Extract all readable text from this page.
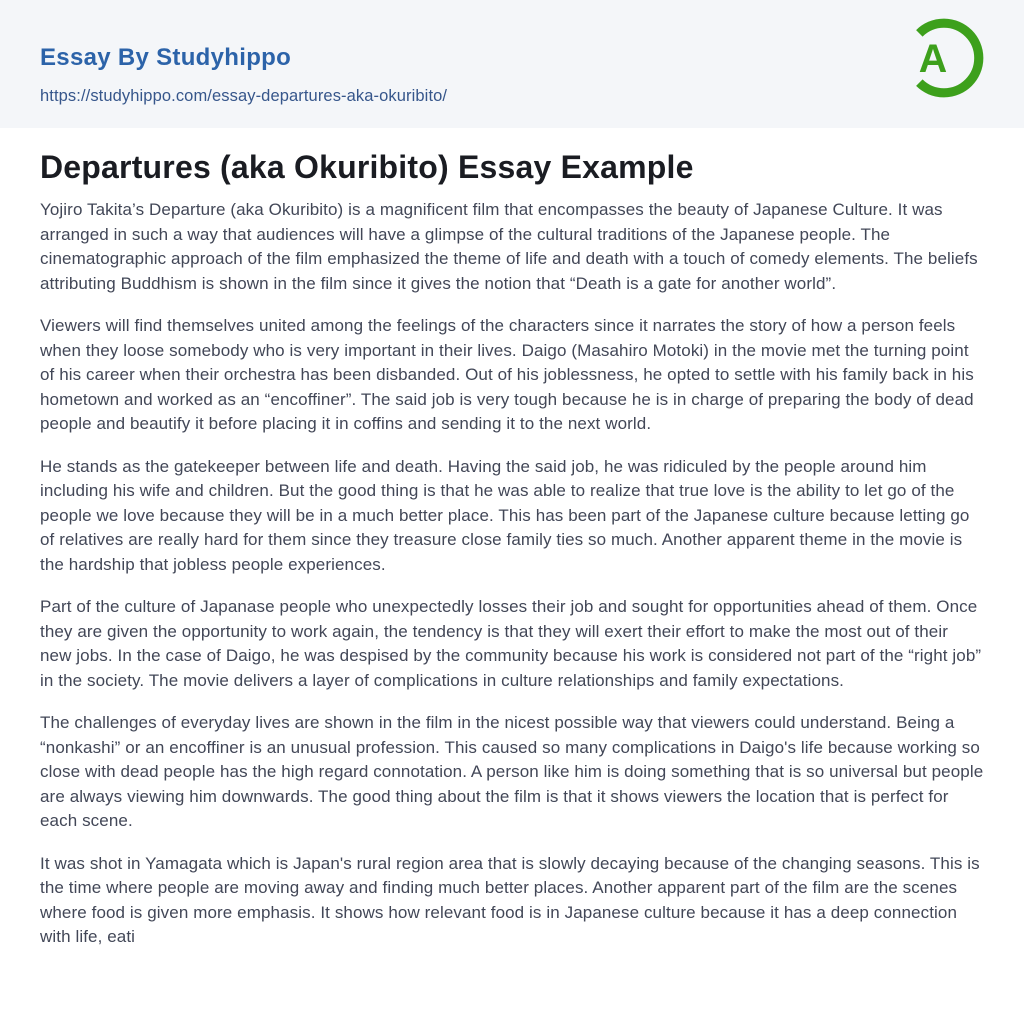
Essay By Studyhippo
https://studyhippo.com/essay-departures-aka-okuribito/
A
Departures (aka Okuribito) Essay Example

Yojiro Takita’s Departure (aka Okuribito) is a magnificent film that encompasses the beauty of Japanese Culture. It was arranged in such a way that audiences will have a glimpse of the cultural traditions of the Japanese people. The cinematographic approach of the film emphasized the theme of life and death with a touch of comedy elements. The beliefs attributing Buddhism is shown in the film since it gives the notion that “Death is a gate for another world”.

Viewers will find themselves united among the feelings of the characters since it narrates the story of how a person feels when they loose somebody who is very important in their lives. Daigo (Masahiro Motoki) in the movie met the turning point of his career when their orchestra has been disbanded. Out of his joblessness, he opted to settle with his family back in his hometown and worked as an “encoffiner”. The said job is very tough because he is in charge of preparing the body of dead people and beautify it before placing it in coffins and sending it to the next world.

He stands as the gatekeeper between life and death. Having the said job, he was ridiculed by the people around him including his wife and children. But the good thing is that he was able to realize that true love is the ability to let go of the people we love because they will be in a much better place. This has been part of the Japanese culture because letting go of relatives are really hard for them since they treasure close family ties so much. Another apparent theme in the movie is the hardship that jobless people experiences.

Part of the culture of Japanase people who unexpectedly losses their job and sought for opportunities ahead of them. Once they are given the opportunity to work again, the tendency is that they will exert their effort to make the most out of their new jobs. In the case of Daigo, he was despised by the community because his work is considered not part of the “right job” in the society. The movie delivers a layer of complications in culture relationships and family expectations.

The challenges of everyday lives are shown in the film in the nicest possible way that viewers could understand. Being a “nonkashi” or an encoffiner is an unusual profession. This caused so many complications in Daigo's life because working so close with dead people has the high regard connotation. A person like him is doing something that is so universal but people are always viewing him downwards. The good thing about the film is that it shows viewers the location that is perfect for each scene.

It was shot in Yamagata which is Japan's rural region area that is slowly decaying because of the changing seasons. This is the time where people are moving away and finding much better places. Another apparent part of the film are the scenes where food is given more emphasis. It shows how relevant food is in Japanese culture because it has a deep connection with life, eati
